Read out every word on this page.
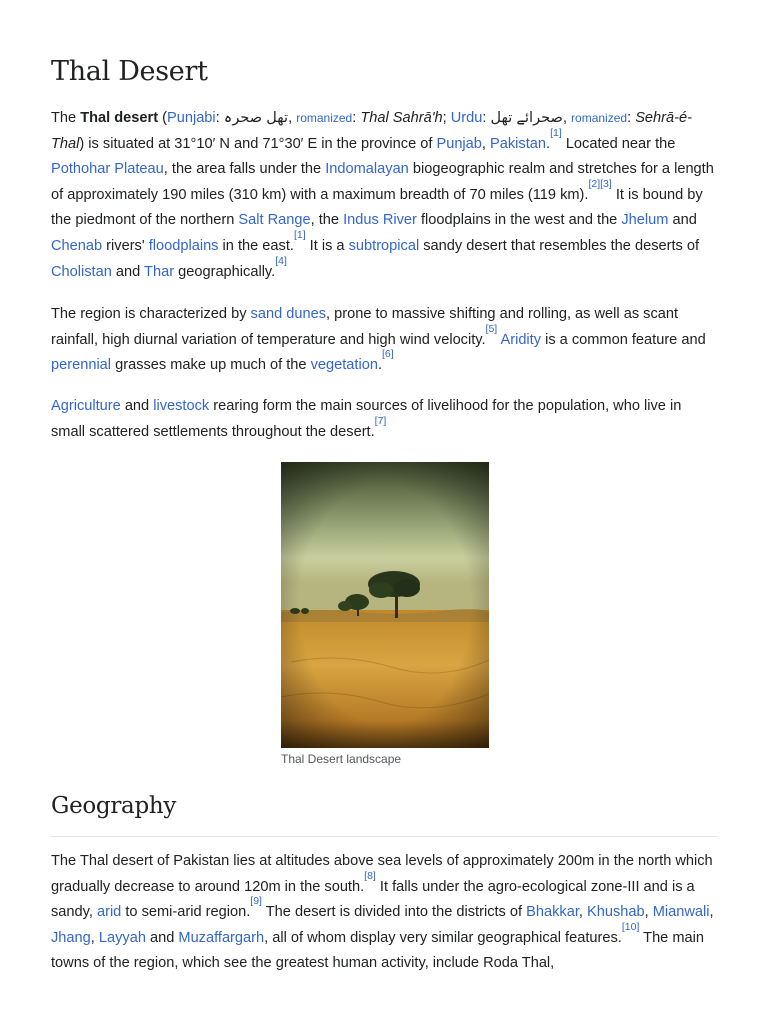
Thal Desert

The Thal desert (Punjabi: تھل صحرہ, romanized: Thal Sahrā'h; Urdu: صحرائے تھل, romanized: Sehrā-é-Thal) is situated at 31°10′ N and 71°30′ E in the province of Punjab, Pakistan.[1] Located near the Pothohar Plateau, the area falls under the Indomalayan biogeographic realm and stretches for a length of approximately 190 miles (310 km) with a maximum breadth of 70 miles (119 km).[2][3] It is bound by the piedmont of the northern Salt Range, the Indus River floodplains in the west and the Jhelum and Chenab rivers' floodplains in the east.[1] It is a subtropical sandy desert that resembles the deserts of Cholistan and Thar geographically.[4]

The region is characterized by sand dunes, prone to massive shifting and rolling, as well as scant rainfall, high diurnal variation of temperature and high wind velocity.[5] Aridity is a common feature and perennial grasses make up much of the vegetation.[6]

Agriculture and livestock rearing form the main sources of livelihood for the population, who live in small scattered settlements throughout the desert.[7]

Thal Desert landscape
Geography

The Thal desert of Pakistan lies at altitudes above sea levels of approximately 200m in the north which gradually decrease to around 120m in the south.[8] It falls under the agro-ecological zone-III and is a sandy, arid to semi-arid region.[9] The desert is divided into the districts of Bhakkar, Khushab, Mianwali, Jhang, Layyah and Muzaffargarh, all of whom display very similar geographical features.[10] The main towns of the region, which see the greatest human activity, include Roda Thal,
